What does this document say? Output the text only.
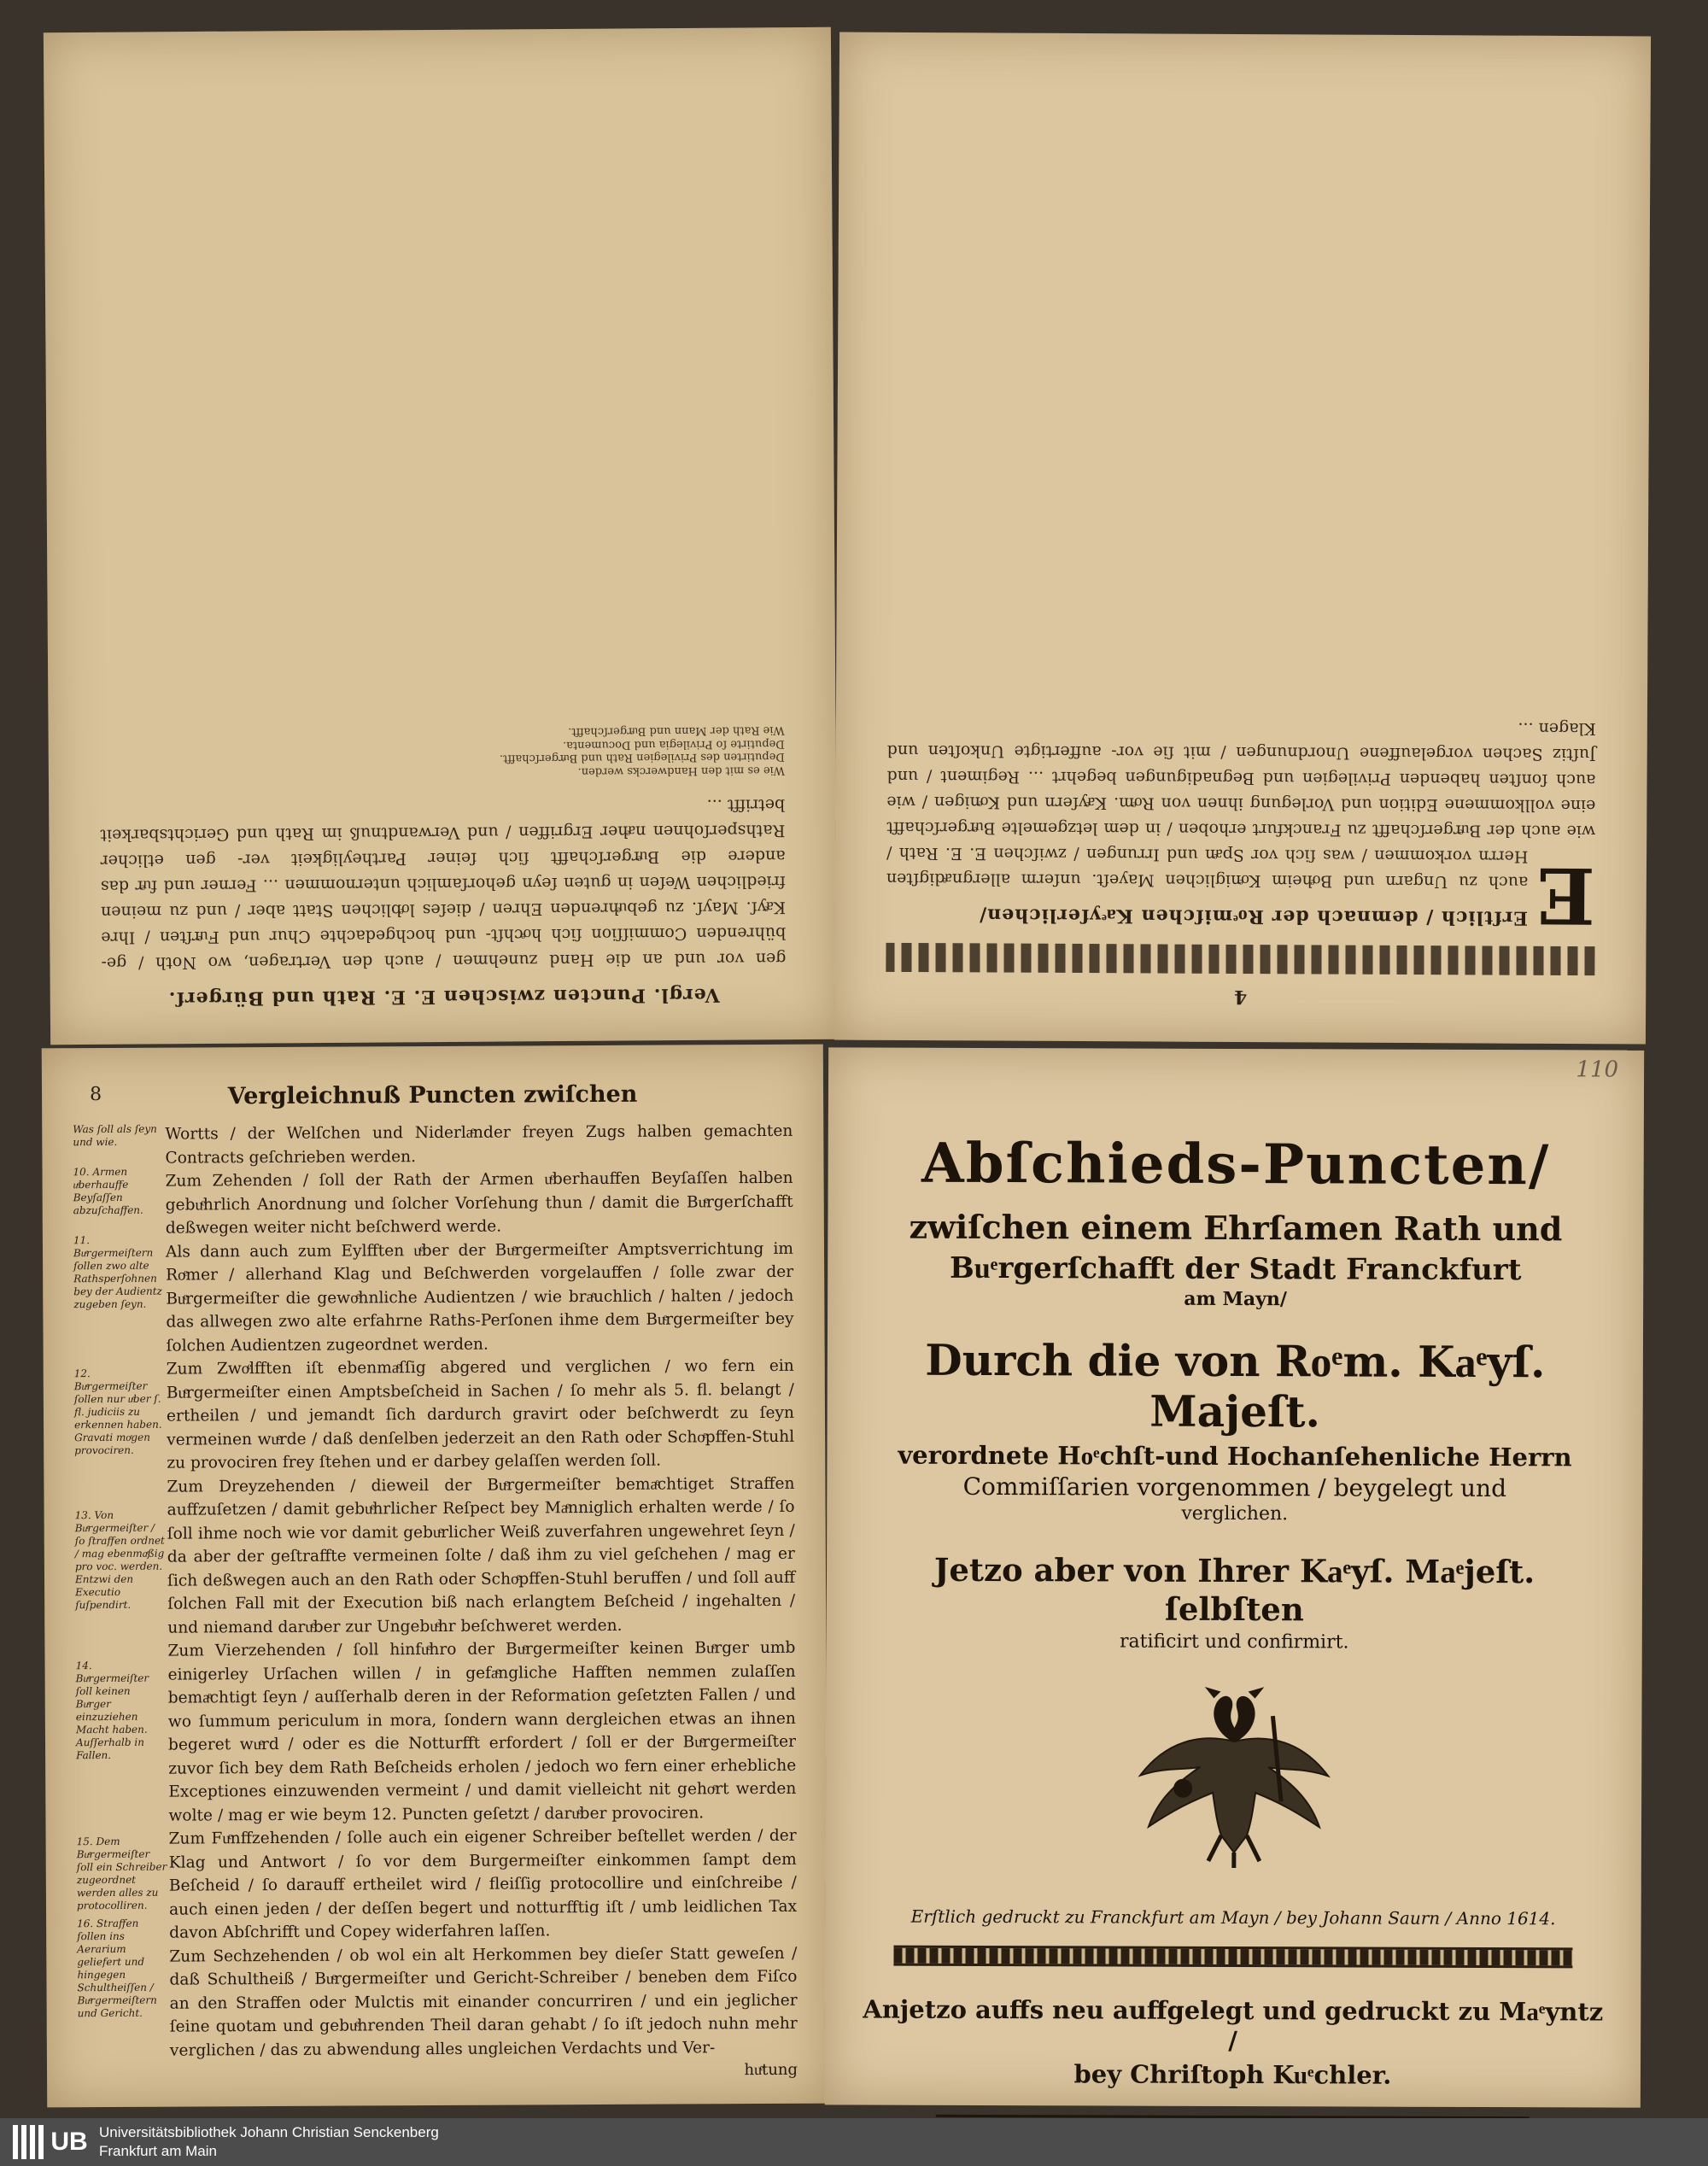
Vergl. Puncten zwischen E. E. Rath und Bürgerſ.
gen vor und an die Hand zunehmen / auch den Vertragen, wo Noth / ge- bührenden Commiſſion ſich hoͤchſt- und hochgedachte Chur und Fuͤrſten / Ihre Kaͤyſ. Mayſ. zu gebuͤhrenden Ehren / dieſes loͤblichen Statt aber / und zu meinen friedlichen Weſen in guten ſeyn gehorſamlich unternommen ... Ferner und fuͤr das andere die Buͤrgerſchafft ſich ſeiner Partheyligkeit ver- gen etlicher Rathsperſohnen naͤher Ergriffen / und Verwandtnuß im Rath und Gerichtsbarkeit betrifft ...
Wie es mit den Handwercks werden.
Deputirten des Privilegien Rath und Buͤrgerſchafft.
Deputirte ſo Privilegia und Documenta.
Wie Rath der Mann und Buͤrgerſchafft.
4
E
Erſtlich / demnach der Roͤmiſchen Kaͤyſerlichen/
auch zu Ungarn und Boͤheim Koͤniglichen Mayeſt. unſerm allergnaͤdigſten Herrn vorkommen / was ſich vor Spaͤn und Irrungen / zwiſchen E. E. Rath / wie auch der Buͤrgerſchafft zu Franckfurt erhoben / in dem letzgemelte Buͤrgerſchafft eine vollkommene Edition und Vorlegung ihnen von Roͤm. Kaͤyſern und Koͤnigen / wie auch ſonſten habenden Privilegien und Begnadigungen begehrt ... Regiment / und Juſtiz Sachen vorgelauffene Unordnungen / mit ſie vor- auffertigte Unkoſten und Klagen ...
8	Vergleichnuß Puncten zwiſchen
Was ſoll als ſeyn und wie.
10. Armen uͤberhauffe Beyſaſſen abzuſchaffen.
11. Buͤrgermeiſtern ſollen zwo alte Rathsperſohnen bey der Audientz zugeben ſeyn.
12. Buͤrgermeiſter ſollen nur uͤber ſ. fl. judiciis zu erkennen haben. Gravati moͤgen provociren.
13. Von Buͤrgermeiſter / ſo ſtraffen ordnet / mag ebenmaͤßig pro voc. werden. Entzwi den Executio ſuſpendirt.
14. Buͤrgermeiſter ſoll keinen Buͤrger einzuziehen Macht haben. Auſſerhalb in Fallen.
15. Dem Buͤrgermeiſter ſoll ein Schreiber zugeordnet werden alles zu protocolliren.
16. Straffen ſollen ins Aerarium geliefert und hingegen Schultheiſſen / Buͤrgermeiſtern und Gericht.

Wortts / der Welſchen und Niderlaͤnder freyen Zugs halben gemachten Contracts geſchrieben werden.

Zum Zehenden / ſoll der Rath der Armen uͤberhauffen Beyſaſſen halben gebuͤhrlich Anordnung und ſolcher Vorſehung thun / damit die Buͤrgerſchafft deßwegen weiter nicht beſchwerd werde.

Als dann auch zum Eylfften uͤber der Buͤrgermeiſter Amptsverrichtung im Roͤmer / allerhand Klag und Beſchwerden vorgelauffen / ſolle zwar der Buͤrgermeiſter die gewoͤhnliche Audientzen / wie braͤuchlich / halten / jedoch das allwegen zwo alte erfahrne Raths-Perſonen ihme dem Buͤrgermeiſter bey ſolchen Audientzen zugeordnet werden.

Zum Zwoͤlfften iſt ebenmaͤſſig abgered und verglichen / wo fern ein Buͤrgermeiſter einen Amptsbeſcheid in Sachen / ſo mehr als 5. fl. belangt / ertheilen / und jemandt ſich dardurch gravirt oder beſchwerdt zu ſeyn vermeinen wuͤrde / daß denſelben jederzeit an den Rath oder Schoͤpffen-Stuhl zu provociren frey ſtehen und er darbey gelaſſen werden ſoll.

Zum Dreyzehenden / dieweil der Buͤrgermeiſter bemaͤchtiget Straffen auffzuſetzen / damit gebuͤhrlicher Reſpect bey Maͤnniglich erhalten werde / ſo ſoll ihme noch wie vor damit gebuͤrlicher Weiß zuverfahren ungewehret ſeyn / da aber der geſtraffte vermeinen ſolte / daß ihm zu viel geſchehen / mag er ſich deßwegen auch an den Rath oder Schoͤpffen-Stuhl beruffen / und ſoll auff ſolchen Fall mit der Execution biß nach erlangtem Beſcheid / ingehalten / und niemand daruͤber zur Ungebuͤhr beſchweret werden.

Zum Vierzehenden / ſoll hinfuͤhro der Buͤrgermeiſter keinen Buͤrger umb einigerley Urſachen willen / in gefaͤngliche Hafften nemmen zulaſſen bemaͤchtigt ſeyn / auſſerhalb deren in der Reformation geſetzten Fallen / und wo ſummum periculum in mora, ſondern wann dergleichen etwas an ihnen begeret wuͤrd / oder es die Notturfft erfordert / ſoll er der Buͤrgermeiſter zuvor ſich bey dem Rath Beſcheids erholen / jedoch wo fern einer erhebliche Exceptiones einzuwenden vermeint / und damit vielleicht nit gehoͤrt werden wolte / mag er wie beym 12. Puncten geſetzt / daruͤber provociren.

Zum Fuͤnffzehenden / ſolle auch ein eigener Schreiber beſtellet werden / der Klag und Antwort / ſo vor dem Burgermeiſter einkommen ſampt dem Beſcheid / ſo darauff ertheilet wird / fleiſſig protocollire und einſchreibe / auch einen jeden / der deſſen begert und notturfftig iſt / umb leidlichen Tax davon Abſchrifft und Copey widerfahren laſſen.

Zum Sechzehenden / ob wol ein alt Herkommen bey dieſer Statt geweſen / daß Schultheiß / Buͤrgermeiſter und Gericht-Schreiber / beneben dem Fiſco an den Straffen oder Mulctis mit einander concurriren / und ein jeglicher ſeine quotam und gebuͤhrenden Theil daran gehabt / ſo iſt jedoch nuhn mehr verglichen / das zu abwendung alles ungleichen Verdachts und Ver-

huͤtung
110
Abſchieds-Puncten/
zwiſchen einem Ehrſamen Rath und
Buͤrgerſchafft der Stadt Franckfurt
am Mayn/
Durch die von Roͤm. Kaͤyſ. Majeſt.
verordnete Hoͤchſt-und Hochanſehenliche Herrn
Commiſſarien vorgenommen / beygelegt und
verglichen.
Jetzo aber von Ihrer Kaͤyſ. Maͤjeſt. ſelbſten
ratificirt und confirmirt.
Erſtlich gedruckt zu Franckfurt am Mayn / bey Johann Saurn / Anno 1614.
Anjetzo auffs neu auffgelegt und gedruckt zu Maͤyntz /
bey Chriſtoph Kuͤchler.
UB Universitätsbibliothek Johann Christian Senckenberg
Frankfurt am Main
